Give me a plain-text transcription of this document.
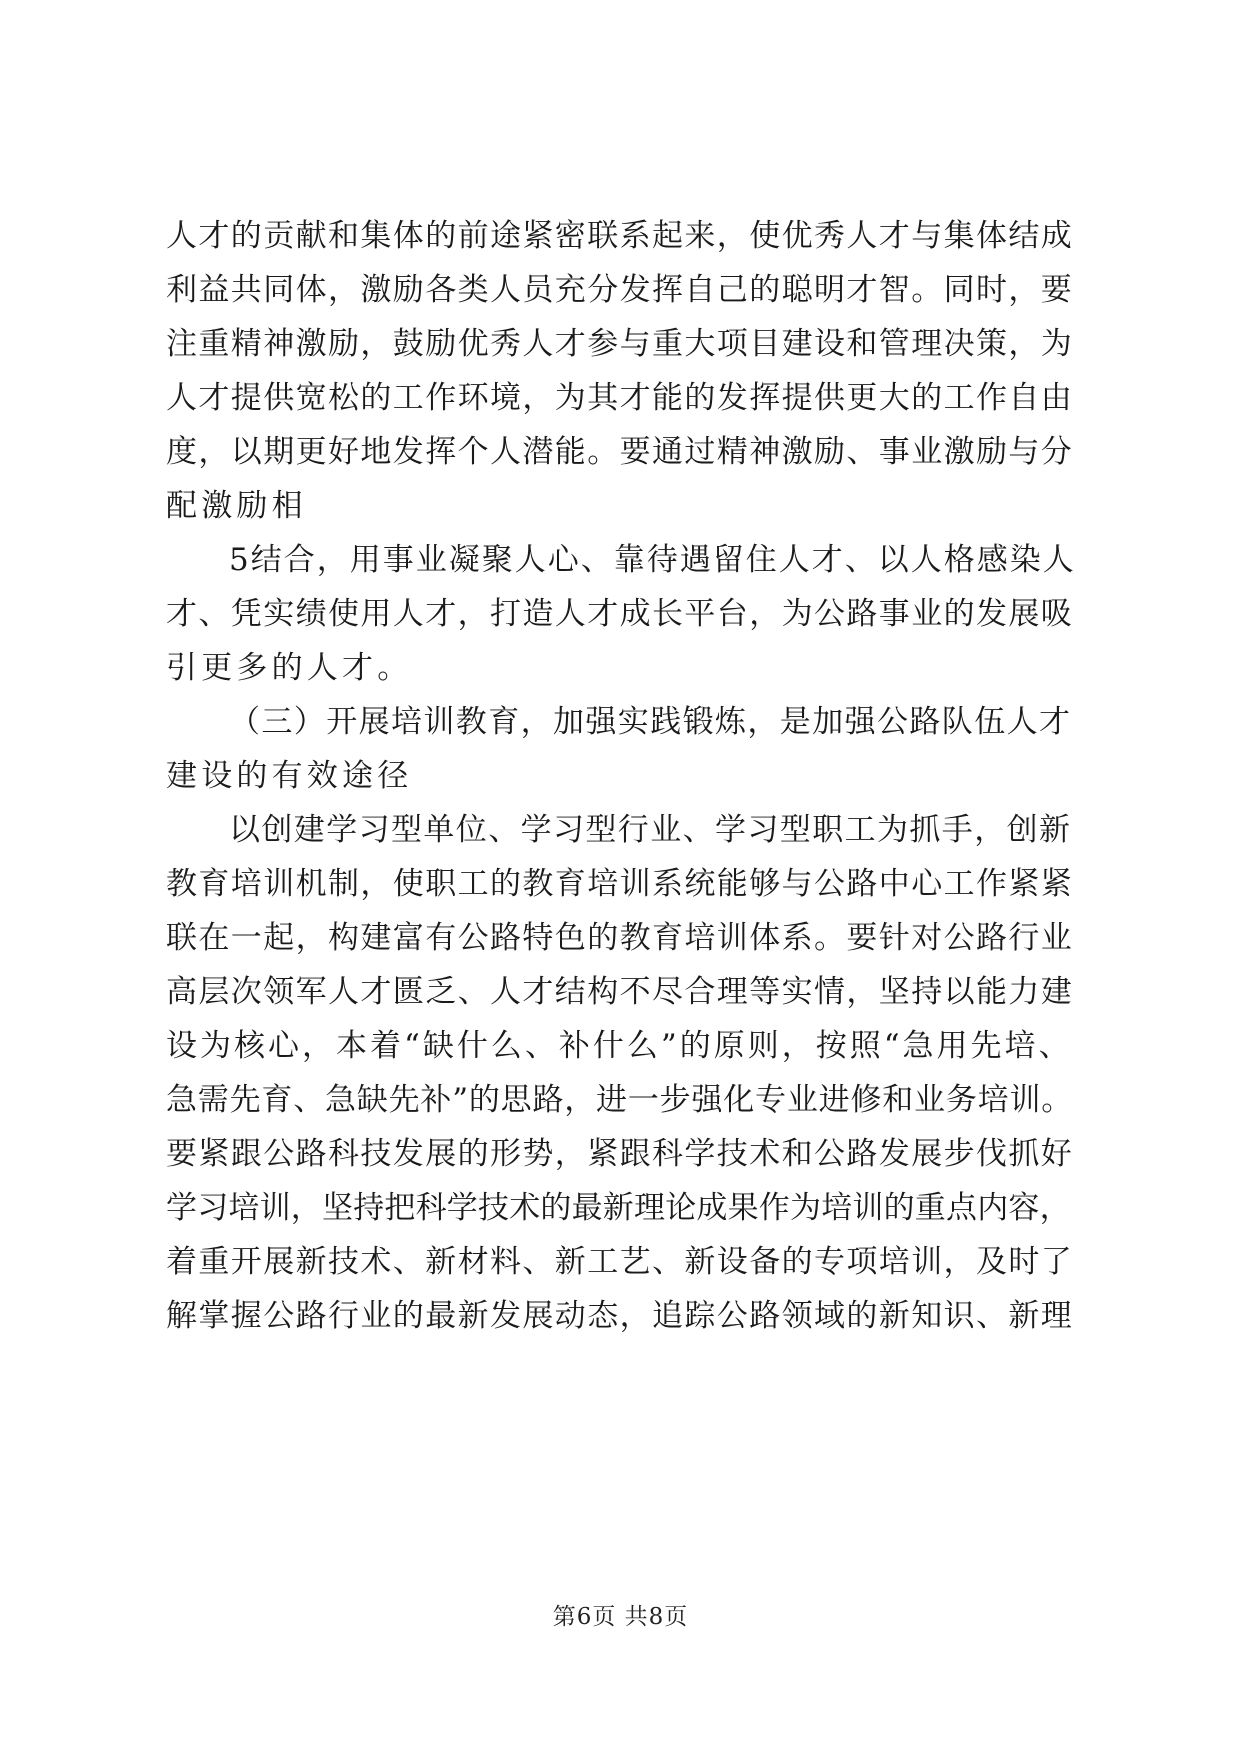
人才的贡献和集体的前途紧密联系起来，使优秀人才与集体结成
利益共同体，激励各类人员充分发挥自己的聪明才智。同时，要
注重精神激励，鼓励优秀人才参与重大项目建设和管理决策，为
人才提供宽松的工作环境，为其才能的发挥提供更大的工作自由
度，以期更好地发挥个人潜能。要通过精神激励、事业激励与分
配激励相
5结合，用事业凝聚人心、靠待遇留住人才、以人格感染人
才、凭实绩使用人才，打造人才成长平台，为公路事业的发展吸
引更多的人才。
（三）开展培训教育，加强实践锻炼，是加强公路队伍人才
建设的有效途径
以创建学习型单位、学习型行业、学习型职工为抓手，创新
教育培训机制，使职工的教育培训系统能够与公路中心工作紧紧
联在一起，构建富有公路特色的教育培训体系。要针对公路行业
高层次领军人才匮乏、人才结构不尽合理等实情，坚持以能力建
设为核心，本着“缺什么、补什么”的原则，按照“急用先培、
急需先育、急缺先补”的思路，进一步强化专业进修和业务培训。
要紧跟公路科技发展的形势，紧跟科学技术和公路发展步伐抓好
学习培训，坚持把科学技术的最新理论成果作为培训的重点内容，
着重开展新技术、新材料、新工艺、新设备的专项培训，及时了
解掌握公路行业的最新发展动态，追踪公路领域的新知识、新理
第6页 共8页
